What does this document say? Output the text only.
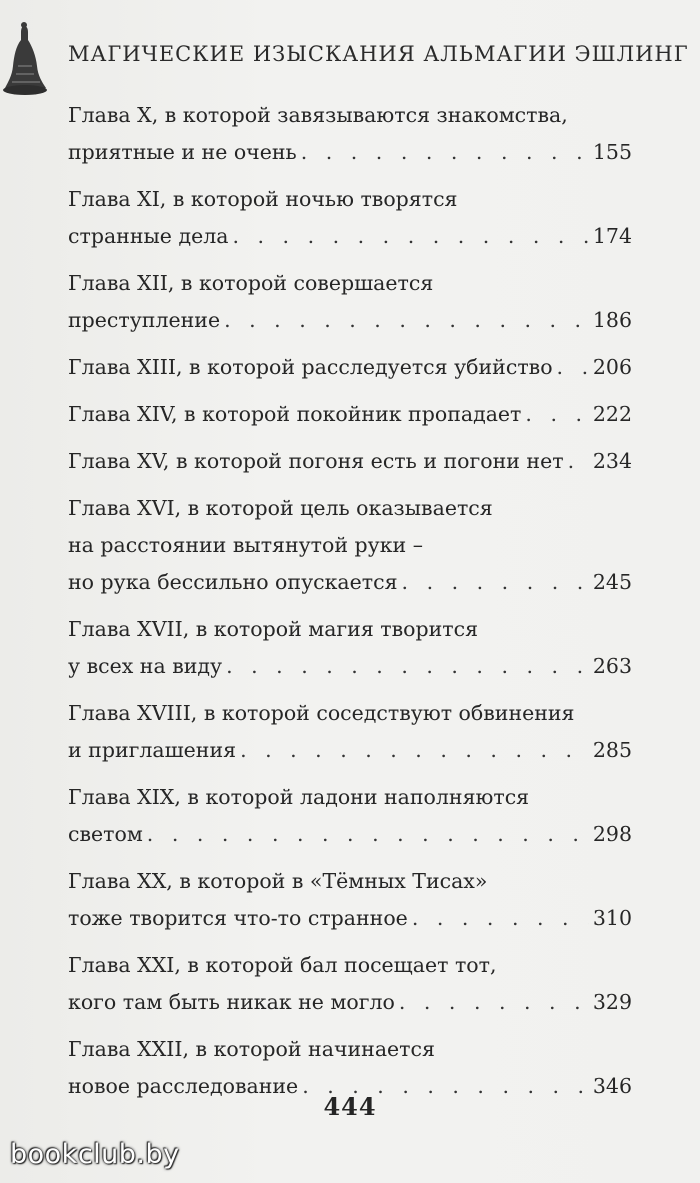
МАГИЧЕСКИЕ ИЗЫСКАНИЯ АЛЬМАГИИ ЭШЛИНГ
Глава X, в которой завязываются знакомства,
приятные и не очень . . .	155
Глава XI, в которой ночью творятся
странные дела . . .	174
Глава XII, в которой совершается
преступление . . .	186
Глава XIII, в которой расследуется убийство . . . 206
Глава XIV, в которой покойник пропадает . . .	222
Глава XV, в которой погоня есть и погони нет . . . 234
Глава XVI, в которой цель оказывается
на расстоянии вытянутой руки –
но рука бессильно опускается . . .	245
Глава XVII, в которой магия творится
у всех на виду . . .	263
Глава XVIII, в которой соседствуют обвинения
и приглашения . . .	285
Глава XIX, в которой ладони наполняются
светом . . .	298
Глава XX, в которой в «Тёмных Тисах»
тоже творится что-то странное . . .	310
Глава XXI, в которой бал посещает тот,
кого там быть никак не могло . . .	329
Глава XXII, в которой начинается
новое расследование . . .	346
444
bookclub.by
